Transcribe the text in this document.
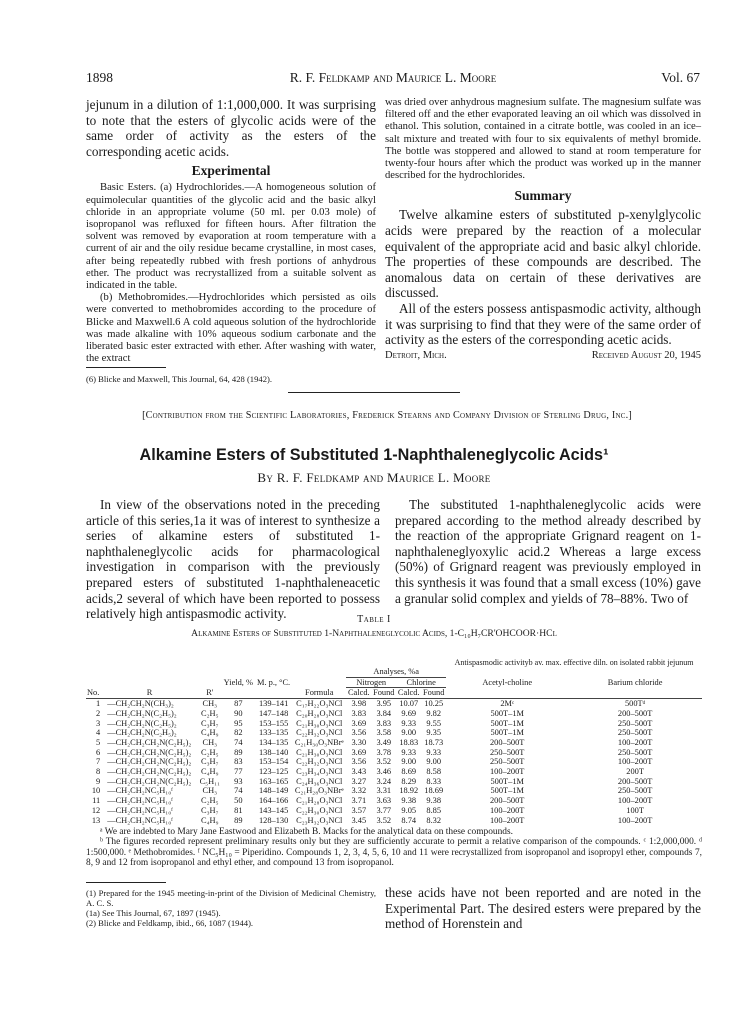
1898	R. F. Feldkamp and Maurice L. Moore	Vol. 67

jejunum in a dilution of 1:1,000,000. It was surprising to note that the esters of glycolic acids were of the same order of activity as the esters of the corresponding acetic acids.

Experimental

Basic Esters. (a) Hydrochlorides.—A homogeneous solution of equimolecular quantities of the glycolic acid and the basic alkyl chloride in an appropriate volume (50 ml. per 0.03 mole) of isopropanol was refluxed for fifteen hours. After filtration the solvent was removed by evaporation at room temperature with a current of air and the oily residue became crystalline, in most cases, after being repeatedly rubbed with fresh portions of anhydrous ether. The product was recrystallized from a suitable solvent as indicated in the table.

(b) Methobromides.—Hydrochlorides which persisted as oils were converted to methobromides according to the procedure of Blicke and Maxwell.6 A cold aqueous solution of the hydrochloride was made alkaline with 10% aqueous sodium carbonate and the liberated basic ester extracted with ether. After washing with water, the extract

(6) Blicke and Maxwell, This Journal, 64, 428 (1942).

was dried over anhydrous magnesium sulfate. The magnesium sulfate was filtered off and the ether evaporated leaving an oil which was dissolved in ethanol. This solution, contained in a citrate bottle, was cooled in an ice–salt mixture and treated with four to six equivalents of methyl bromide. The bottle was stoppered and allowed to stand at room temperature for twenty-four hours after which the product was worked up in the manner described for the hydrochlorides.

Summary

Twelve alkamine esters of substituted p-xenylglycolic acids were prepared by the reaction of a molecular equivalent of the appropriate acid and basic alkyl chloride. The properties of these compounds are described. The anomalous data on certain of these derivatives are discussed.

All of the esters possess antispasmodic activity, although it was surprising to find that they were of the same order of activity as the esters of the corresponding acetic acids.

Detroit, Mich.	Received August 20, 1945
[Contribution from the Scientific Laboratories, Frederick Stearns and Company Division of Sterling Drug, Inc.]
Alkamine Esters of Substituted 1-Naphthaleneglycolic Acids¹
By R. F. Feldkamp and Maurice L. Moore
In view of the observations noted in the preceding article of this series,1a it was of interest to synthesize a series of alkamine esters of substituted 1-naphthaleneglycolic acids for pharmacological investigation in comparison with the previously prepared esters of substituted 1-naphthaleneacetic acids,2 several of which have been reported to possess relatively high antispasmodic activity.
The substituted 1-naphthaleneglycolic acids were prepared according to the method already described by the reaction of the appropriate Grignard reagent on 1-naphthaleneglyoxylic acid.2 Whereas a large excess (50%) of Grignard reagent was previously employed in this synthesis it was found that a small excess (10%) gave a granular solid complex and yields of 78–88%. Two of
Table I
Alkamine Esters of Substituted 1-Naphthaleneglycolic Acids, 1-C₁₀H₇CR'OHCOOR·HCl
										Antispasmodic activityb av. max. effective diln. on isolated rabbit jejunum	
						Analyses, %a					
			Yield, %	M. p., °C.		Nitrogen		Chlorine		Acetyl-choline	Barium chloride
No.	R	R'			Formula	Calcd.	Found	Calcd.	Found		
1	—CH₂CH₂N(CH₃)₂	CH₃	87	139–141	C₁₇H₂₂O₃NCl	3.98	3.95	10.07	10.25	2Mᶜ	500Tᵈ
2	—CH₂CH₂N(C₂H₅)₂	C₂H₅	90	147–148	C₂₀H₂₈O₃NCl	3.83	3.84	9.69	9.82	500T–1M	200–500T
3	—CH₂CH₂N(C₂H₅)₂	C₃H₇	95	153–155	C₂₁H₃₀O₃NCl	3.69	3.83	9.33	9.55	500T–1M	250–500T
4	—CH₂CH₂N(C₂H₅)₂	C₄H₉	82	133–135	C₂₂H₃₂O₃NCl	3.56	3.58	9.00	9.35	500T–1M	250–500T
5	—CH₂CH₂CH₂N(C₂H₅)₂	CH₃	74	134–135	C₂₁H₃₀O₃NBrᵉ	3.30	3.49	18.83	18.73	200–500T	100–200T
6	—CH₂CH₂CH₂N(C₂H₅)₂	C₂H₅	89	138–140	C₂₁H₃₀O₃NCl	3.69	3.78	9.33	9.33	250–500T	250–500T
7	—CH₂CH₂CH₂N(C₂H₅)₂	C₃H₇	83	153–154	C₂₂H₃₂O₃NCl	3.56	3.52	9.00	9.00	250–500T	100–200T
8	—CH₂CH₂CH₂N(C₂H₅)₂	C₄H₉	77	123–125	C₂₃H₃₄O₃NCl	3.43	3.46	8.69	8.58	100–200T	200T
9	—CH₂CH₂CH₂N(C₂H₅)₂	C₅H₁₁	93	163–165	C₂₄H₃₆O₃NCl	3.27	3.24	8.29	8.33	500T–1M	200–500T
10	—CH₂CH₂NC₅H₁₀ᶠ	CH₃	74	148–149	C₂₁H₂₈O₃NBrᵉ	3.32	3.31	18.92	18.69	500T–1M	250–500T
11	—CH₂CH₂NC₅H₁₀ᶠ	C₂H₅	50	164–166	C₂₁H₂₈O₃NCl	3.71	3.63	9.38	9.38	200–500T	100–200T
12	—CH₂CH₂NC₅H₁₀ᶠ	C₃H₇	81	143–145	C₂₂H₃₀O₃NCl	3.57	3.77	9.05	8.85	100–200T	100T
13	—CH₂CH₂NC₅H₁₀ᶠ	C₄H₉	89	128–130	C₂₃H₃₂O₃NCl	3.45	3.52	8.74	8.32	100–200T	100–200T

ᵃ We are indebted to Mary Jane Eastwood and Elizabeth B. Macks for the analytical data on these compounds.

ᵇ The figures recorded represent preliminary results only but they are sufficiently accurate to permit a relative comparison of the compounds. ᶜ 1:2,000,000. ᵈ 1:500,000. ᵉ Methobromides. ᶠ NC₅H₁₀ = Piperidino. Compounds 1, 2, 3, 4, 5, 6, 10 and 11 were recrystallized from isopropanol and isopropyl ether, compounds 7, 8, 9 and 12 from isopropanol and ethyl ether, and compound 13 from isopropanol.

(1) Prepared for the 1945 meeting-in-print of the Division of Medicinal Chemistry, A. C. S.

(1a) See This Journal, 67, 1897 (1945).

(2) Blicke and Feldkamp, ibid., 66, 1087 (1944).

these acids have not been reported and are noted in the Experimental Part. The desired esters were prepared by the method of Horenstein and
